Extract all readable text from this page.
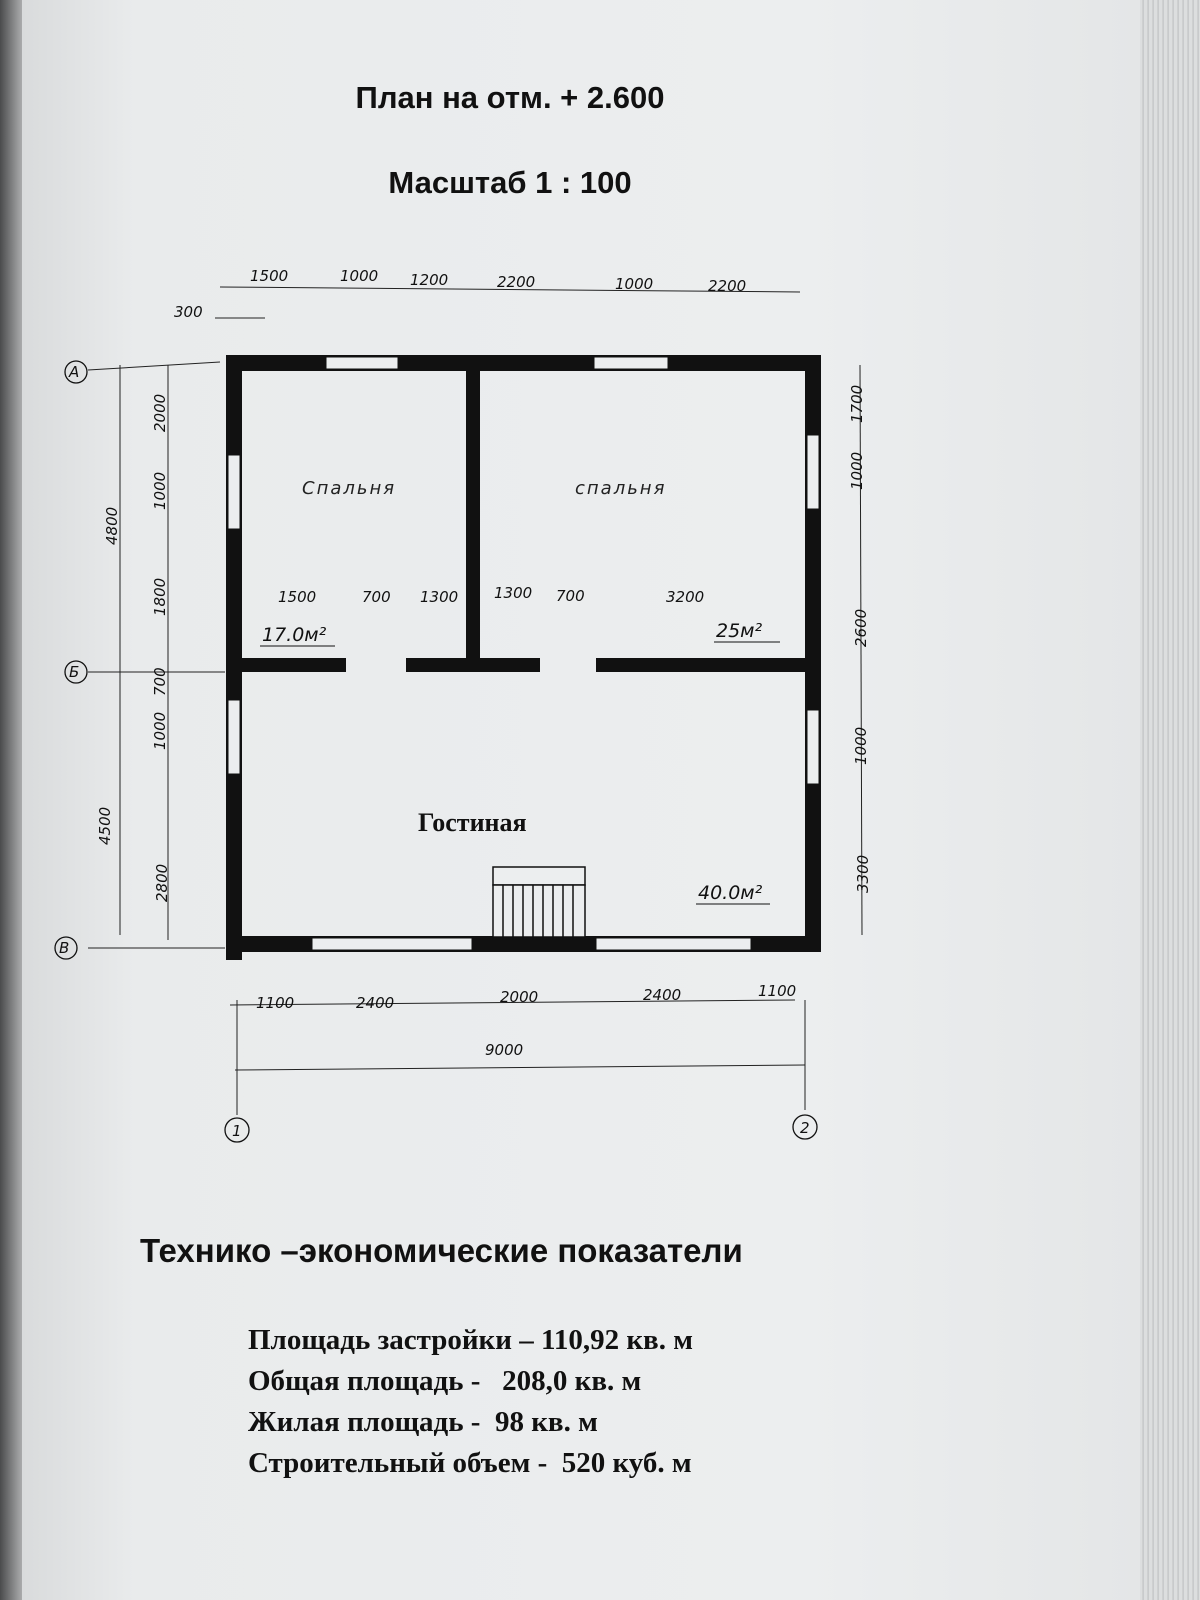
План на отм. + 2.600
Масштаб 1 : 100
А
Б
В
1	2
Спальня	спальня
Гостиная
17.0м²	25м²
40.0м²
1500	1000 1200	2200	1000	2200
300
1500	700 1300 1300 700	3200
4800
4500
2000
1000
1800
700
1000
2800
1700
1000
2600
1000
3300
1100	2400	2000	2400	1100
9000
Технико –экономические показатели
Площадь застройки – 110,92 кв. м
Общая площадь -   208,0 кв. м
Жилая площадь -  98 кв. м
Строительный объем -  520 куб. м
